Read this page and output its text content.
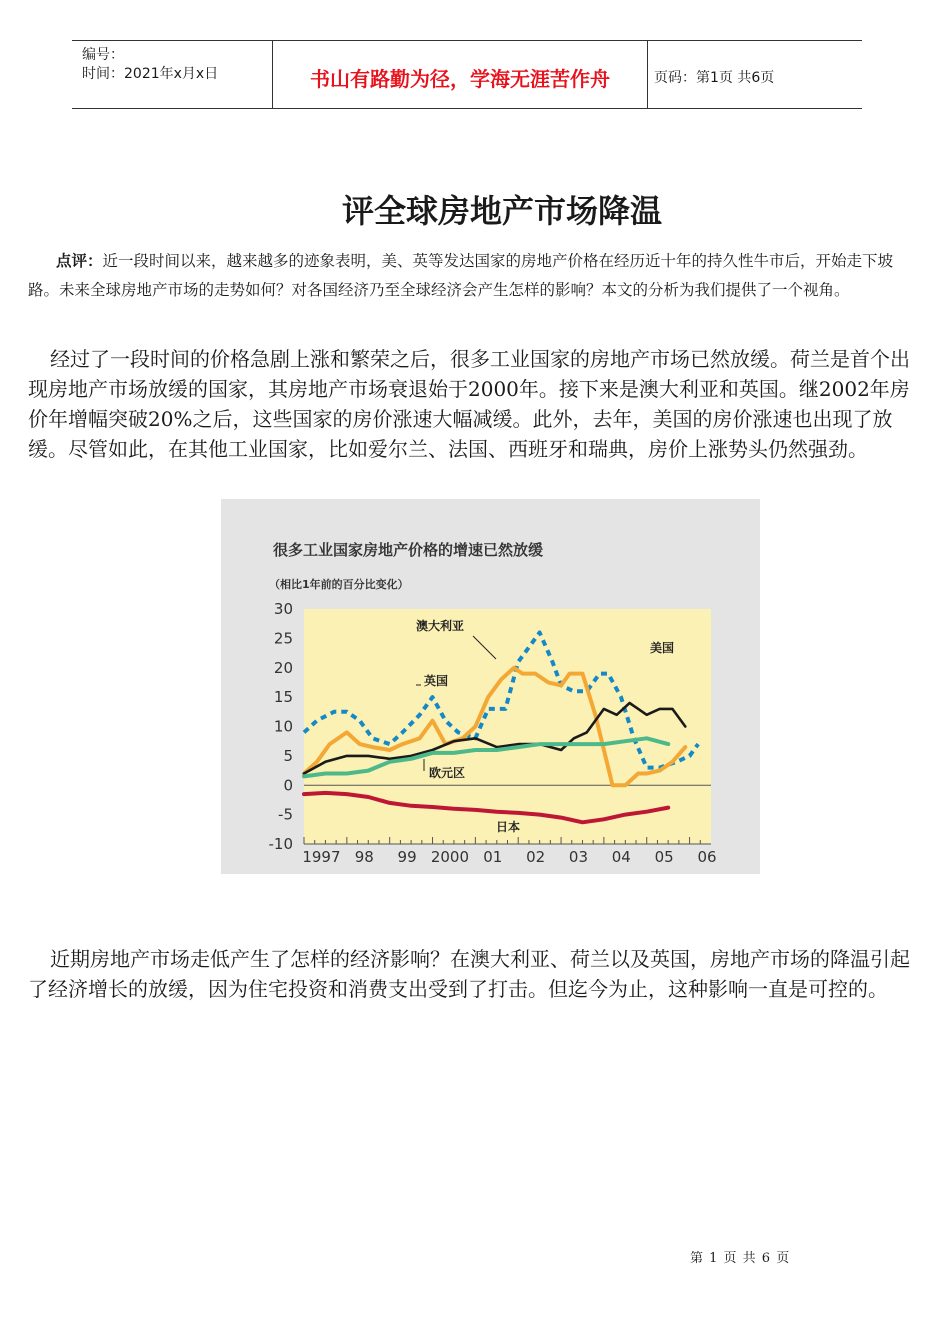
编号：
时间：2021年x月x日	书山有路勤为径，学海无涯苦作舟	页码：第1页 共6页
评全球房地产市场降温
点评：近一段时间以来，越来越多的迹象表明，美、英等发达国家的房地产价格在经历近十年的持久性牛市后，开始走下坡路。未来全球房地产市场的走势如何？对各国经济乃至全球经济会产生怎样的影响？本文的分析为我们提供了一个视角。
经过了一段时间的价格急剧上涨和繁荣之后，很多工业国家的房地产市场已然放缓。荷兰是首个出现房地产市场放缓的国家，其房地产市场衰退始于2000年。接下来是澳大利亚和英国。继2002年房价年增幅突破20%之后，这些国家的房价涨速大幅减缓。此外，去年，美国的房价涨速也出现了放缓。尽管如此，在其他工业国家，比如爱尔兰、法国、西班牙和瑞典，房价上涨势头仍然强劲。
很多工业国家房地产价格的增速已然放缓
（相比1年前的百分比变化）
30
25
20
15
10
5
0
-5
-10
1997 98 99 2000 01 02 03 04 05 06
澳大利亚
英国
美国
欧元区
日本
近期房地产市场走低产生了怎样的经济影响？在澳大利亚、荷兰以及英国，房地产市场的降温引起了经济增长的放缓，因为住宅投资和消费支出受到了打击。但迄今为止，这种影响一直是可控的。
第 1 页 共 6 页
